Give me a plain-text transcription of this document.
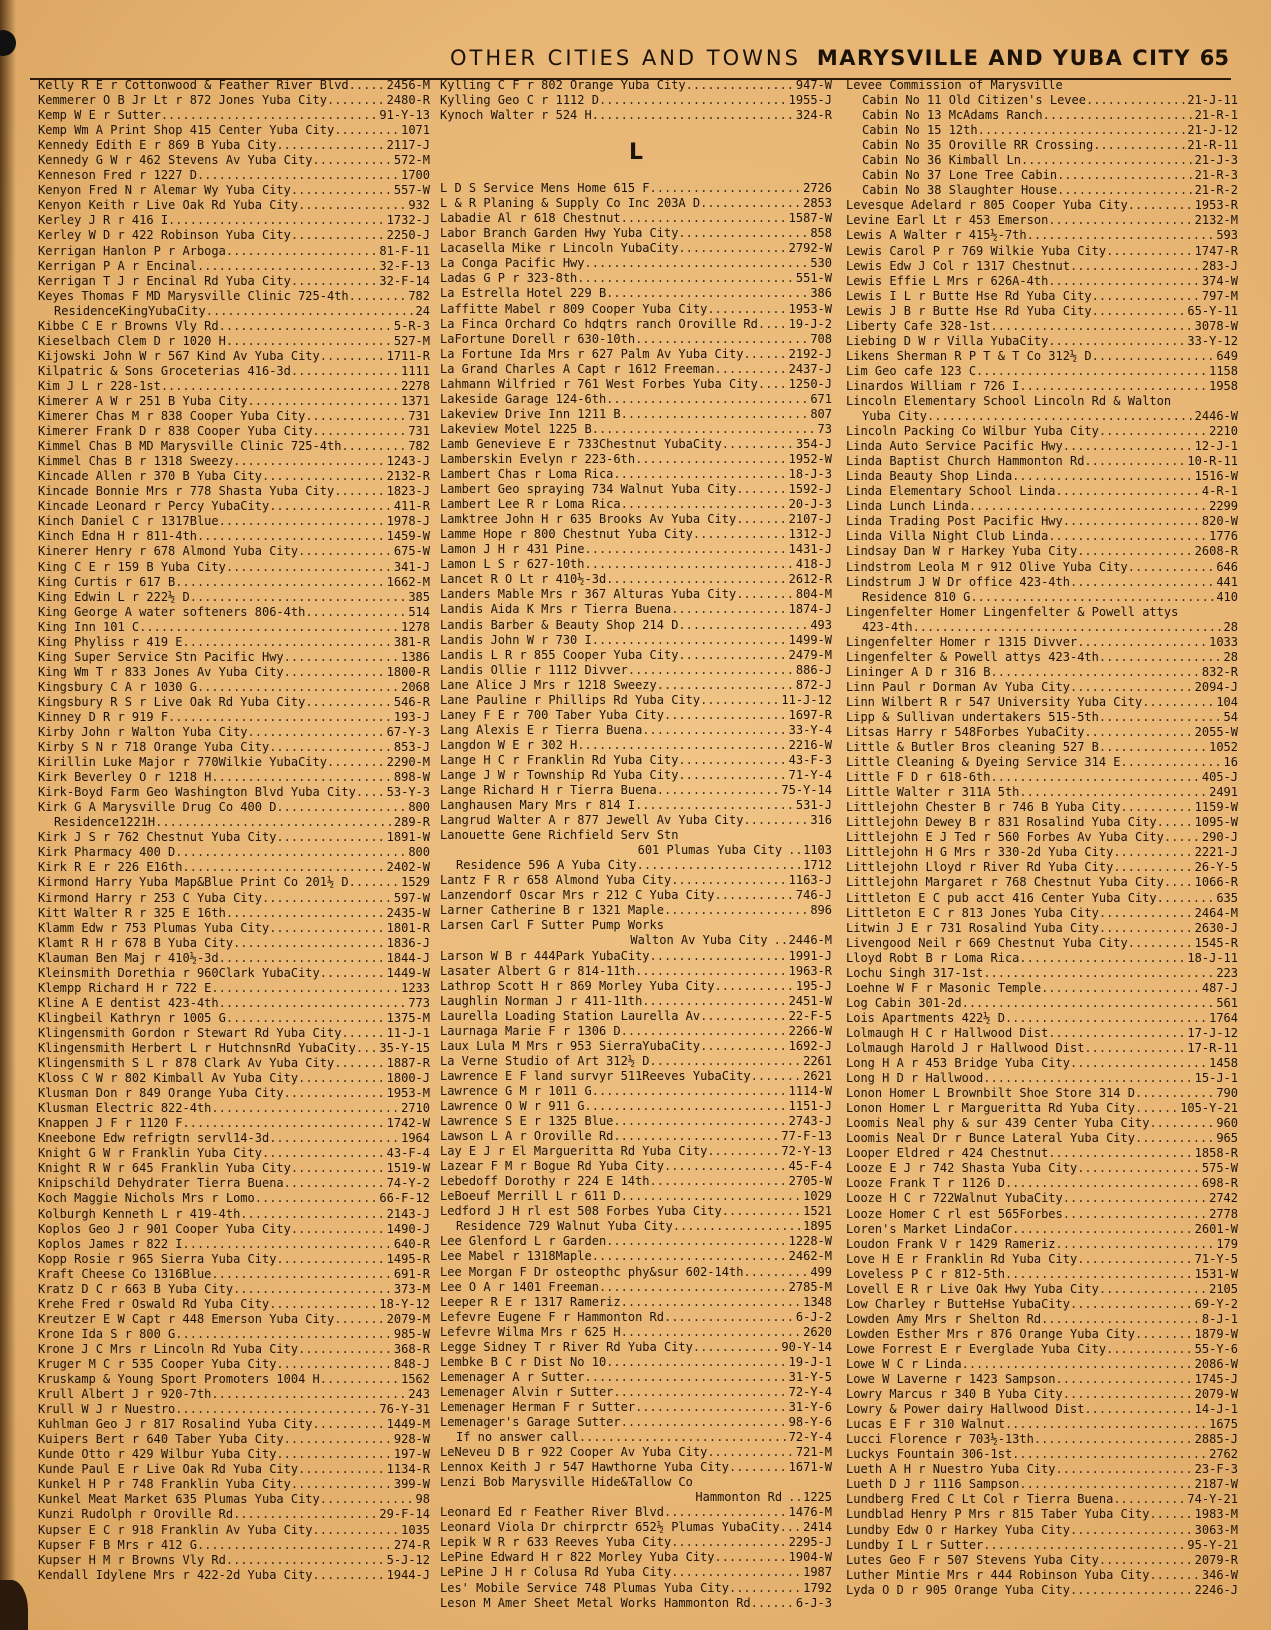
OTHER CITIES AND TOWNS MARYSVILLE AND YUBA CITY 65
Kelly R E r Cottonwood & Feather River Blvd .....	2456-M
Kemmerer O B Jr Lt r 872 Jones Yuba City .....	2480-R
Kemp W E r Sutter .....	91-Y-13
Kemp Wm A Print Shop 415 Center Yuba City .....	1071
Kennedy Edith E r 869 B Yuba City .....	2117-J
Kennedy G W r 462 Stevens Av Yuba City .....	572-M
Kenneson Fred r 1227 D .....	1700
Kenyon Fred N r Alemar Wy Yuba City .....	557-W
Kenyon Keith r Live Oak Rd Yuba City .....	932
Kerley J R r 416 I .....	1732-J
Kerley W D r 422 Robinson Yuba City .....	2250-J
Kerrigan Hanlon P r Arboga .....	81-F-11
Kerrigan P A r Encinal .....	32-F-13
Kerrigan T J r Encinal Rd Yuba City .....	32-F-14
Keyes Thomas F MD Marysville Clinic 725-4th .....	782
ResidenceKingYubaCity .....	24
Kibbe C E r Browns Vly Rd .....	5-R-3
Kieselbach Clem D r 1020 H .....	527-M
Kijowski John W r 567 Kind Av Yuba City .....	1711-R
Kilpatric & Sons Groceterias 416-3d .....	1111
Kim J L r 228-1st .....	2278
Kimerer A W r 251 B Yuba City .....	1371
Kimerer Chas M r 838 Cooper Yuba City .....	731
Kimerer Frank D r 838 Cooper Yuba City .....	731
Kimmel Chas B MD Marysville Clinic 725-4th .....	782
Kimmel Chas B r 1318 Sweezy .....	1243-J
Kincade Allen r 370 B Yuba City .....	2132-R
Kincade Bonnie Mrs r 778 Shasta Yuba City .....	1823-J
Kincade Leonard r Percy YubaCity .....	411-R
Kinch Daniel C r 1317Blue .....	1978-J
Kinch Edna H r 811-4th .....	1459-W
Kinerer Henry r 678 Almond Yuba City .....	675-W
King C E r 159 B Yuba City .....	341-J
King Curtis r 617 B .....	1662-M
King Edwin L r 222½ D .....	385
King George A water softeners 806-4th .....	514
King Inn 101 C .....	1278
King Phyliss r 419 E .....	381-R
King Super Service Stn Pacific Hwy .....	1386
King Wm T r 833 Jones Av Yuba City .....	1800-R
Kingsbury C A r 1030 G .....	2068
Kingsbury R S r Live Oak Rd Yuba City .....	546-R
Kinney D R r 919 F .....	193-J
Kirby John r Walton Yuba City .....	67-Y-3
Kirby S N r 718 Orange Yuba City .....	853-J
Kirillin Luke Major r 770Wilkie YubaCity .....	2290-M
Kirk Beverley O r 1218 H .....	898-W
Kirk-Boyd Farm Geo Washington Blvd Yuba City .....	53-Y-3
Kirk G A Marysville Drug Co 400 D .....	800
Residence1221H .....	289-R
Kirk J S r 762 Chestnut Yuba City .....	1891-W
Kirk Pharmacy 400 D .....	800
Kirk R E r 226 E16th .....	2402-W
Kirmond Harry Yuba Map&Blue Print Co 201½ D .....	1529
Kirmond Harry r 253 C Yuba City .....	597-W
Kitt Walter R r 325 E 16th .....	2435-W
Klamm Edw r 753 Plumas Yuba City .....	1801-R
Klamt R H r 678 B Yuba City .....	1836-J
Klauman Ben Maj r 410½-3d .....	1844-J
Kleinsmith Dorethia r 960Clark YubaCity .....	1449-W
Klempp Richard H r 722 E .....	1233
Kline A E dentist 423-4th .....	773
Klingbeil Kathryn r 1005 G .....	1375-M
Klingensmith Gordon r Stewart Rd Yuba City .....	11-J-1
Klingensmith Herbert L r HutchnsnRd YubaCity ..... 35-Y-15
Klingensmith S L r 878 Clark Av Yuba City .....	1887-R
Kloss C W r 802 Kimball Av Yuba City .....	1800-J
Klusman Don r 849 Orange Yuba City .....	1953-M
Klusman Electric 822-4th .....	2710
Knappen J F r 1120 F .....	1742-W
Kneebone Edw refrigtn servl14-3d .....	1964
Knight G W r Franklin Yuba City .....	43-F-4
Knight R W r 645 Franklin Yuba City .....	1519-W
Knipschild Dehydrater Tierra Buena .....	74-Y-2
Koch Maggie Nichols Mrs r Lomo .....	66-F-12
Kolburgh Kenneth L r 419-4th .....	2143-J
Koplos Geo J r 901 Cooper Yuba City .....	1490-J
Koplos James r 822 I .....	640-R
Kopp Rosie r 965 Sierra Yuba City .....	1495-R
Kraft Cheese Co 1316Blue .....	691-R
Kratz D C r 663 B Yuba City .....	373-M
Krehe Fred r Oswald Rd Yuba City .....	18-Y-12
Kreutzer E W Capt r 448 Emerson Yuba City .....	2079-M
Krone Ida S r 800 G .....	985-W
Krone J C Mrs r Lincoln Rd Yuba City .....	368-R
Kruger M C r 535 Cooper Yuba City .....	848-J
Kruskamp & Young Sport Promoters 1004 H .....	1562
Krull Albert J r 920-7th .....	243
Krull W J r Nuestro .....	76-Y-31
Kuhlman Geo J r 817 Rosalind Yuba City .....	1449-M
Kuipers Bert r 640 Taber Yuba City .....	928-W
Kunde Otto r 429 Wilbur Yuba City .....	197-W
Kunde Paul E r Live Oak Rd Yuba City .....	1134-R
Kunkel H P r 748 Franklin Yuba City .....	399-W
Kunkel Meat Market 635 Plumas Yuba City .....	98
Kunzi Rudolph r Oroville Rd .....	29-F-14
Kupser E C r 918 Franklin Av Yuba City .....	1035
Kupser F B Mrs r 412 G .....	274-R
Kupser H M r Browns Vly Rd .....	5-J-12
Kendall Idylene Mrs r 422-2d Yuba City .....	1944-J
Kylling C F r 802 Orange Yuba City .....	947-W
Kylling Geo C r 1112 D .....	1955-J
Kynoch Walter r 524 H .....	324-R
L
L D S Service Mens Home 615 F .....	2726
L & R Planing & Supply Co Inc 203A D .....	2853
Labadie Al r 618 Chestnut .....	1587-W
Labor Branch Garden Hwy Yuba City .....	858
Lacasella Mike r Lincoln YubaCity .....	2792-W
La Conga Pacific Hwy .....	530
Ladas G P r 323-8th .....	551-W
La Estrella Hotel 229 B .....	386
Laffitte Mabel r 809 Cooper Yuba City .....	1953-W
La Finca Orchard Co hdqtrs ranch Oroville Rd .....	19-J-2
LaFortune Dorell r 630-10th .....	708
La Fortune Ida Mrs r 627 Palm Av Yuba City .....	2192-J
La Grand Charles A Capt r 1612 Freeman .....	2437-J
Lahmann Wilfried r 761 West Forbes Yuba City .....	1250-J
Lakeside Garage 124-6th .....	671
Lakeview Drive Inn 1211 B .....	807
Lakeview Motel 1225 B .....	73
Lamb Genevieve E r 733Chestnut YubaCity .....	354-J
Lamberskin Evelyn r 223-6th .....	1952-W
Lambert Chas r Loma Rica .....	18-J-3
Lambert Geo spraying 734 Walnut Yuba City .....	1592-J
Lambert Lee R r Loma Rica .....	20-J-3
Lamktree John H r 635 Brooks Av Yuba City .....	2107-J
Lamme Hope r 800 Chestnut Yuba City .....	1312-J
Lamon J H r 431 Pine .....	1431-J
Lamon L S r 627-10th .....	418-J
Lancet R O Lt r 410½-3d .....	2612-R
Landers Mable Mrs r 367 Alturas Yuba City .....	804-M
Landis Aida K Mrs r Tierra Buena .....	1874-J
Landis Barber & Beauty Shop 214 D .....	493
Landis John W r 730 I .....	1499-W
Landis L R r 855 Cooper Yuba City .....	2479-M
Landis Ollie r 1112 Divver .....	886-J
Lane Alice J Mrs r 1218 Sweezy .....	872-J
Lane Pauline r Phillips Rd Yuba City .....	11-J-12
Laney F E r 700 Taber Yuba City .....	1697-R
Lang Alexis E r Tierra Buena .....	33-Y-4
Langdon W E r 302 H .....	2216-W
Lange H C r Franklin Rd Yuba City .....	43-F-3
Lange J W r Township Rd Yuba City .....	71-Y-4
Lange Richard H r Tierra Buena .....	75-Y-14
Langhausen Mary Mrs r 814 I .....	531-J
Langrud Walter A r 877 Jewell Av Yuba City .....	316
Lanouette Gene Richfield Serv Stn
601 Plumas Yuba City .....	1103
Residence 596 A Yuba City .....	1712
Lantz F R r 658 Almond Yuba City .....	1163-J
Lanzendorf Oscar Mrs r 212 C Yuba City .....	746-J
Larner Catherine B r 1321 Maple .....	896
Larsen Carl F Sutter Pump Works
Walton Av Yuba City .....	2446-M
Larson W B r 444Park YubaCity .....	1991-J
Lasater Albert G r 814-11th .....	1963-R
Lathrop Scott H r 869 Morley Yuba City .....	195-J
Laughlin Norman J r 411-11th .....	2451-W
Laurella Loading Station Laurella Av .....	22-F-5
Laurnaga Marie F r 1306 D .....	2266-W
Laux Lula M Mrs r 953 SierraYubaCity .....	1692-J
La Verne Studio of Art 312½ D .....	2261
Lawrence E F land survyr 511Reeves YubaCity .....	2621
Lawrence G M r 1011 G .....	1114-W
Lawrence O W r 911 G .....	1151-J
Lawrence S E r 1325 Blue .....	2743-J
Lawson L A r Oroville Rd .....	77-F-13
Lay E J r El Margueritta Rd Yuba City .....	72-Y-13
Lazear F M r Bogue Rd Yuba City .....	45-F-4
Lebedoff Dorothy r 224 E 14th .....	2705-W
LeBoeuf Merrill L r 611 D .....	1029
Ledford J H rl est 508 Forbes Yuba City .....	1521
Residence 729 Walnut Yuba City .....	1895
Lee Glenford L r Garden .....	1228-W
Lee Mabel r 1318Maple .....	2462-M
Lee Morgan F Dr osteopthc phy&sur 602-14th .....	499
Lee O A r 1401 Freeman .....	2785-M
Leeper R E r 1317 Rameriz .....	1348
Lefevre Eugene F r Hammonton Rd .....	6-J-2
Lefevre Wilma Mrs r 625 H .....	2620
Legge Sidney T r River Rd Yuba City .....	90-Y-14
Lembke B C r Dist No 10 .....	19-J-1
Lemenager A r Sutter .....	31-Y-5
Lemenager Alvin r Sutter .....	72-Y-4
Lemenager Herman F r Sutter .....	31-Y-6
Lemenager's Garage Sutter .....	98-Y-6
If no answer call .....	72-Y-4
LeNeveu D B r 922 Cooper Av Yuba City .....	721-M
Lennox Keith J r 547 Hawthorne Yuba City .....	1671-W
Lenzi Bob Marysville Hide&Tallow Co
Hammonton Rd .....	1225
Leonard Ed r Feather River Blvd .....	1476-M
Leonard Viola Dr chirprctr 652½ Plumas YubaCity ..... 2414
Lepik W R r 633 Reeves Yuba City .....	2295-J
LePine Edward H r 822 Morley Yuba City .....	1904-W
LePine J H r Colusa Rd Yuba City .....	1987
Les' Mobile Service 748 Plumas Yuba City .....	1792
Leson M Amer Sheet Metal Works Hammonton Rd .....	6-J-3
Levee Commission of Marysville
Cabin No 11 Old Citizen's Levee .....	21-J-11
Cabin No 13 McAdams Ranch .....	21-R-1
Cabin No 15 12th .....	21-J-12
Cabin No 35 Oroville RR Crossing .....	21-R-11
Cabin No 36 Kimball Ln .....	21-J-3
Cabin No 37 Lone Tree Cabin .....	21-R-3
Cabin No 38 Slaughter House .....	21-R-2
Levesque Adelard r 805 Cooper Yuba City .....	1953-R
Levine Earl Lt r 453 Emerson .....	2132-M
Lewis A Walter r 415½-7th .....	593
Lewis Carol P r 769 Wilkie Yuba City .....	1747-R
Lewis Edw J Col r 1317 Chestnut .....	283-J
Lewis Effie L Mrs r 626A-4th .....	374-W
Lewis I L r Butte Hse Rd Yuba City .....	797-M
Lewis J B r Butte Hse Rd Yuba City .....	65-Y-11
Liberty Cafe 328-1st .....	3078-W
Liebing D W r Villa YubaCity .....	33-Y-12
Likens Sherman R P T & T Co 312½ D .....	649
Lim Geo cafe 123 C .....	1158
Linardos William r 726 I .....	1958
Lincoln Elementary School Lincoln Rd & Walton
Yuba City .....	2446-W
Lincoln Packing Co Wilbur Yuba City .....	2210
Linda Auto Service Pacific Hwy .....	12-J-1
Linda Baptist Church Hammonton Rd .....	10-R-11
Linda Beauty Shop Linda .....	1516-W
Linda Elementary School Linda .....	4-R-1
Linda Lunch Linda .....	2299
Linda Trading Post Pacific Hwy .....	820-W
Linda Villa Night Club Linda .....	1776
Lindsay Dan W r Harkey Yuba City .....	2608-R
Lindstrom Leola M r 912 Olive Yuba City .....	646
Lindstrum J W Dr office 423-4th .....	441
Residence 810 G .....	410
Lingenfelter Homer Lingenfelter & Powell attys
423-4th .....	28
Lingenfelter Homer r 1315 Divver .....	1033
Lingenfelter & Powell attys 423-4th .....	28
Lininger A D r 316 B .....	832-R
Linn Paul r Dorman Av Yuba City .....	2094-J
Linn Wilbert R r 547 University Yuba City .....	104
Lipp & Sullivan undertakers 515-5th .....	54
Litsas Harry r 548Forbes YubaCity .....	2055-W
Little & Butler Bros cleaning 527 B .....	1052
Little Cleaning & Dyeing Service 314 E .....	16
Little F D r 618-6th .....	405-J
Little Walter r 311A 5th .....	2491
Littlejohn Chester B r 746 B Yuba City .....	1159-W
Littlejohn Dewey B r 831 Rosalind Yuba City .....	1095-W
Littlejohn E J Ted r 560 Forbes Av Yuba City .....	290-J
Littlejohn H G Mrs r 330-2d Yuba City .....	2221-J
Littlejohn Lloyd r River Rd Yuba City .....	26-Y-5
Littlejohn Margaret r 768 Chestnut Yuba City .....	1066-R
Littleton E C pub acct 416 Center Yuba City .....	635
Littleton E C r 813 Jones Yuba City .....	2464-M
Litwin J E r 731 Rosalind Yuba City .....	2630-J
Livengood Neil r 669 Chestnut Yuba City .....	1545-R
Lloyd Robt B r Loma Rica .....	18-J-11
Lochu Singh 317-1st .....	223
Loehne W F r Masonic Temple .....	487-J
Log Cabin 301-2d .....	561
Lois Apartments 422½ D .....	1764
Lolmaugh H C r Hallwood Dist .....	17-J-12
Lolmaugh Harold J r Hallwood Dist .....	17-R-11
Long H A r 453 Bridge Yuba City .....	1458
Long H D r Hallwood .....	15-J-1
Lonon Homer L Brownbilt Shoe Store 314 D .....	790
Lonon Homer L r Margueritta Rd Yuba City .....	105-Y-21
Loomis Neal phy & sur 439 Center Yuba City .....	960
Loomis Neal Dr r Bunce Lateral Yuba City .....	965
Looper Eldred r 424 Chestnut .....	1858-R
Looze E J r 742 Shasta Yuba City .....	575-W
Looze Frank T r 1126 D .....	698-R
Looze H C r 722Walnut YubaCity .....	2742
Looze Homer C rl est 565Forbes .....	2778
Loren's Market LindaCor .....	2601-W
Loudon Frank V r 1429 Rameriz .....	179
Love H E r Franklin Rd Yuba City .....	71-Y-5
Loveless P C r 812-5th .....	1531-W
Lovell E R r Live Oak Hwy Yuba City .....	2105
Low Charley r ButteHse YubaCity .....	69-Y-2
Lowden Amy Mrs r Shelton Rd .....	8-J-1
Lowden Esther Mrs r 876 Orange Yuba City .....	1879-W
Lowe Forrest E r Everglade Yuba City .....	55-Y-6
Lowe W C r Linda .....	2086-W
Lowe W Laverne r 1423 Sampson .....	1745-J
Lowry Marcus r 340 B Yuba City .....	2079-W
Lowry & Power dairy Hallwood Dist .....	14-J-1
Lucas E F r 310 Walnut .....	1675
Lucci Florence r 703½-13th .....	2885-J
Luckys Fountain 306-1st .....	2762
Lueth A H r Nuestro Yuba City .....	23-F-3
Lueth D J r 1116 Sampson .....	2187-W
Lundberg Fred C Lt Col r Tierra Buena .....	74-Y-21
Lundblad Henry P Mrs r 815 Taber Yuba City .....	1983-M
Lundby Edw O r Harkey Yuba City .....	3063-M
Lundby I L r Sutter .....	95-Y-21
Lutes Geo F r 507 Stevens Yuba City .....	2079-R
Luther Mintie Mrs r 444 Robinson Yuba City .....	346-W
Lyda O D r 905 Orange Yuba City .....	2246-J
